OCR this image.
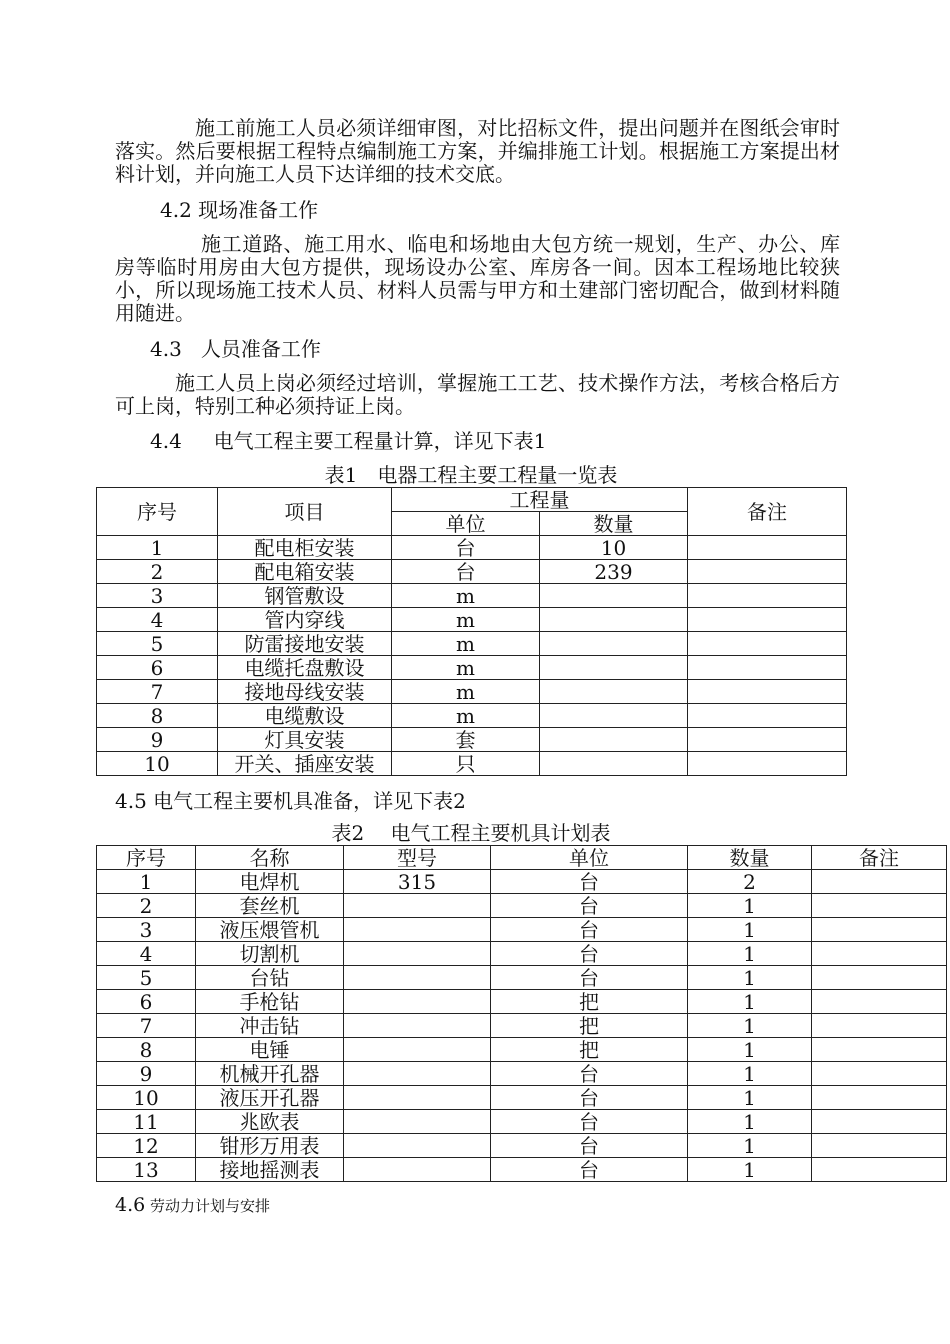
施工前施工人员必须详细审图，对比招标文件，提出问题并在图纸会审时落实。然后要根据工程特点编制施工方案，并编排施工计划。根据施工方案提出材料计划，并向施工人员下达详细的技术交底。

4.2 现场准备工作

施工道路、施工用水、临电和场地由大包方统一规划，生产、办公、库房等临时用房由大包方提供，现场设办公室、库房各一间。因本工程场地比较狭小，所以现场施工技术人员、材料人员需与甲方和土建部门密切配合，做到材料随用随进。

4.3 人员准备工作

施工人员上岗必须经过培训，掌握施工工艺、技术操作方法，考核合格后方可上岗，特别工种必须持证上岗。

4.4 电气工程主要工程量计算，详见下表1
表1　电器工程主要工程量一览表
序号	项目	工程量		备注
		单位	数量	
1	配电柜安装	台	10	
2	配电箱安装	台	239	
3	钢管敷设	m		
4	管内穿线	m		
5	防雷接地安装	m		
6	电缆托盘敷设	m		
7	接地母线安装	m		
8	电缆敷设	m		
9	灯具安装	套		
10	开关、插座安装	只		
4.5 电气工程主要机具准备，详见下表2
表2　 电气工程主要机具计划表
序号	名称	型号	单位	数量	备注
1	电焊机	315	台	2	
2	套丝机		台	1	
3	液压煨管机		台	1	
4	切割机		台	1	
5	台钻		台	1	
6	手枪钻		把	1	
7	冲击钻		把	1	
8	电锤		把	1	
9	机械开孔器		台	1	
10	液压开孔器		台	1	
11	兆欧表		台	1	
12	钳形万用表		台	1	
13	接地摇测表		台	1	
4.6 劳动力计划与安排
